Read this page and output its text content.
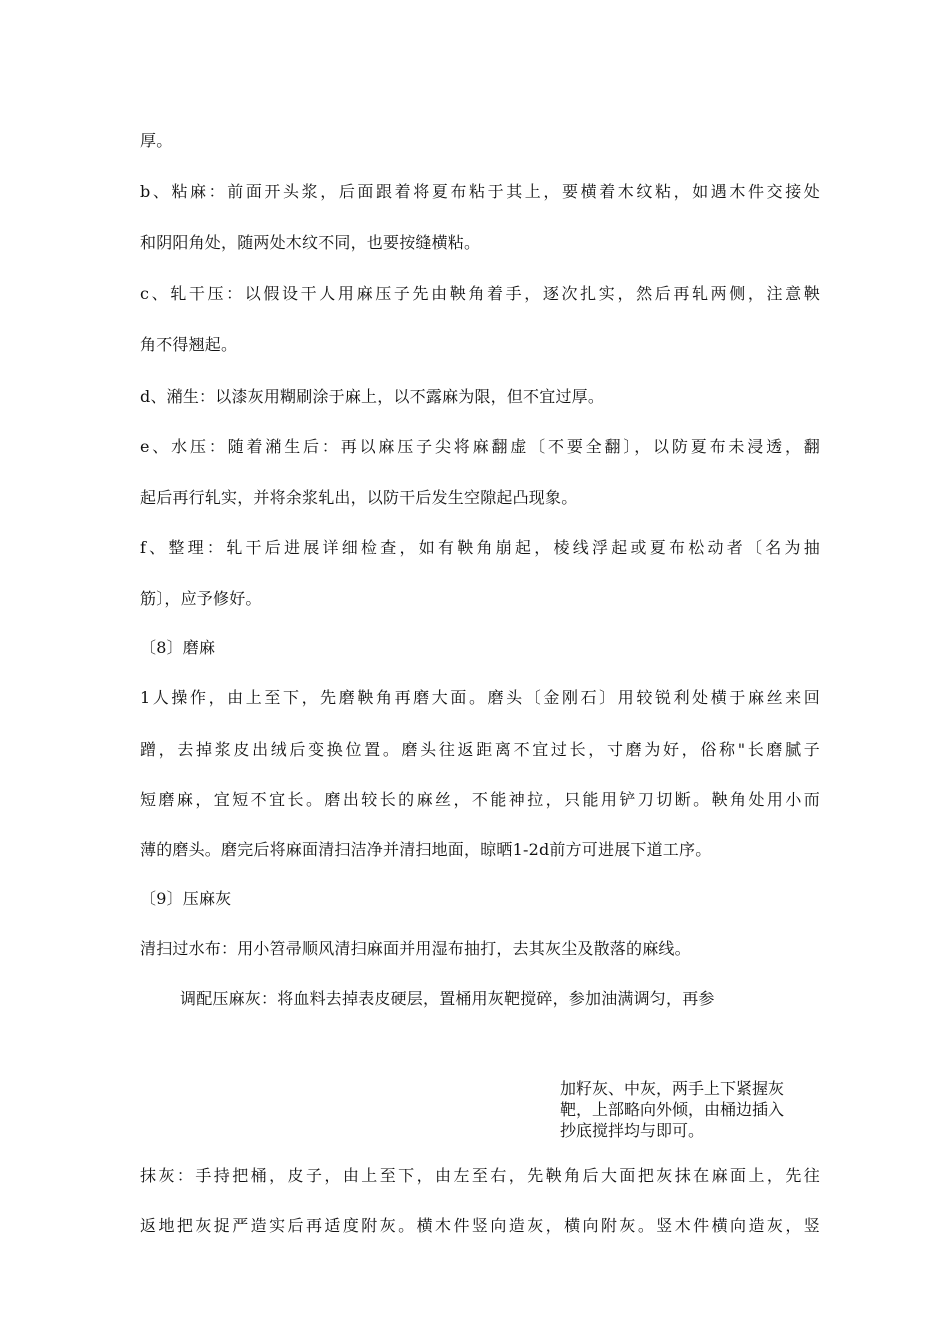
厚。
b、粘麻：前面开头浆，后面跟着将夏布粘于其上，要横着木纹粘，如遇木件交接处
和阴阳角处，随两处木纹不同，也要按缝横粘。
c、轧干压：以假设干人用麻压子先由鞅角着手，逐次扎实，然后再轧两侧，注意鞅
角不得翘起。
d、潲生：以漆灰用糊刷涂于麻上，以不露麻为限，但不宜过厚。
e、水压：随着潲生后：再以麻压子尖将麻翻虚〔不要全翻〕，以防夏布未浸透，翻
起后再行轧实，并将余浆轧出，以防干后发生空隙起凸现象。
f、整理：轧干后进展详细检查，如有鞅角崩起，棱线浮起或夏布松动者〔名为抽
筋〕，应予修好。
〔8〕磨麻
1人操作，由上至下，先磨鞅角再磨大面。磨头〔金刚石〕用较锐利处横于麻丝来回
蹭，去掉浆皮出绒后变换位置。磨头往返距离不宜过长，寸磨为好，俗称"长磨腻子
短磨麻，宜短不宜长。磨出较长的麻丝，不能神拉，只能用铲刀切断。鞅角处用小而
薄的磨头。磨完后将麻面清扫洁净并清扫地面，晾晒1-2d前方可进展下道工序。
〔9〕压麻灰
清扫过水布：用小笤帚顺风清扫麻面并用湿布抽打，去其灰尘及散落的麻线。
调配压麻灰：将血料去掉表皮硬层，置桶用灰靶搅碎，参加油满调匀，再参
加籽灰、中灰，两手上下紧握灰
靶，上部略向外倾，由桶边插入
抄底搅拌均与即可。
抹灰：手持把桶，皮子，由上至下，由左至右，先鞅角后大面把灰抹在麻面上，先往
返地把灰捉严造实后再适度附灰。横木件竖向造灰，横向附灰。竖木件横向造灰，竖
